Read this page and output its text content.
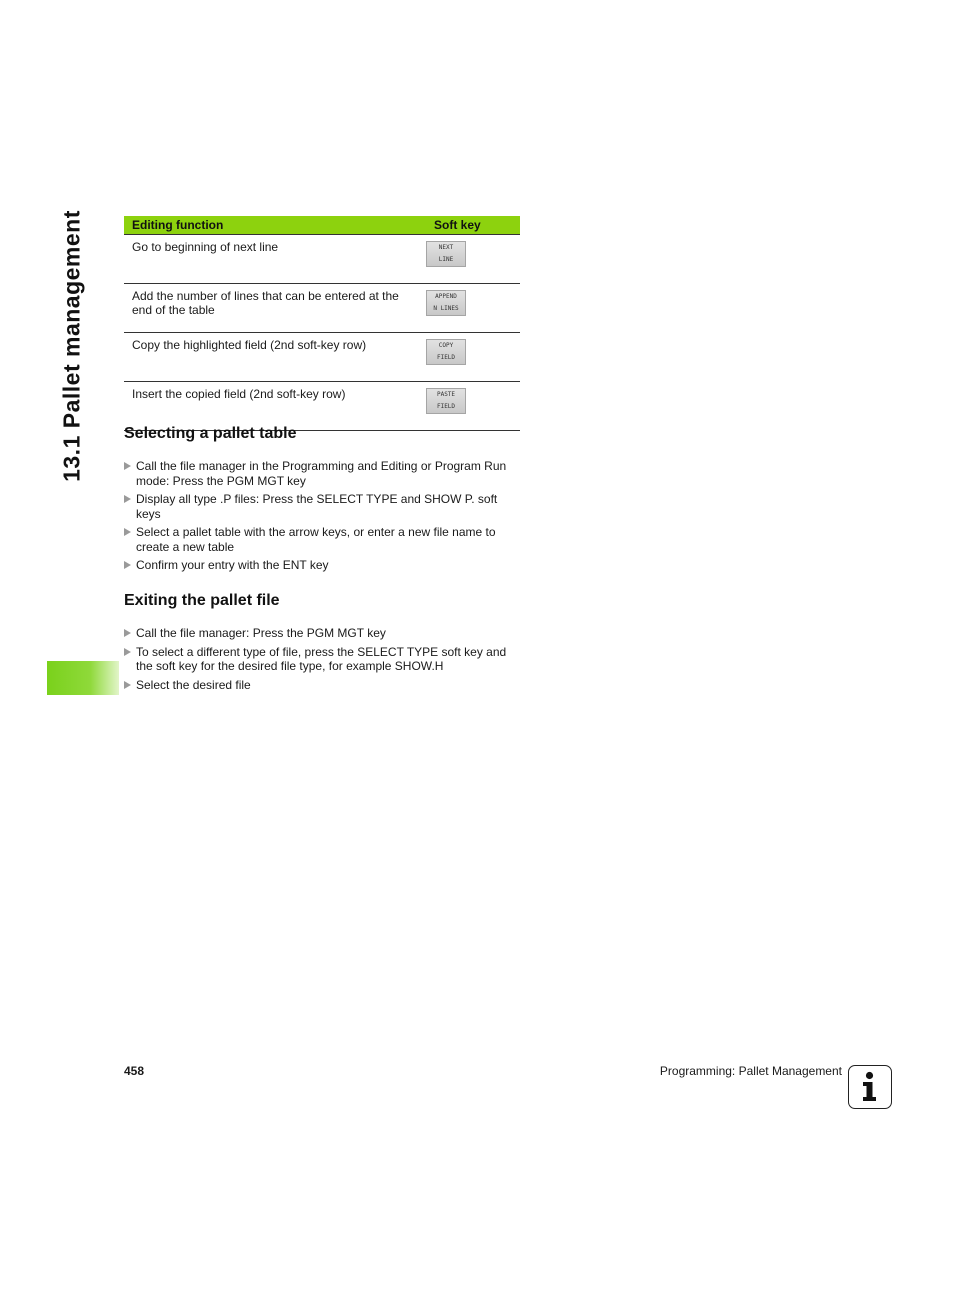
13.1 Pallet management	Editing function	Soft key
Go to beginning of next line	NEXT
LINE

Add the number of lines that can be entered at the end of the table	APPEND
N LINES

Copy the highlighted field (2nd soft-key row)	COPY
FIELD

Insert the copied field (2nd soft-key row)	PASTE
FIELD
Selecting a pallet table
Call the file manager in the Programming and Editing or Program Run mode: Press the PGM MGT key
Display all type .P files: Press the SELECT TYPE and SHOW P. soft keys
Select a pallet table with the arrow keys, or enter a new file name to create a new table
Confirm your entry with the ENT key
Exiting the pallet file
Call the file manager: Press the PGM MGT key
To select a different type of file, press the SELECT TYPE soft key and the soft key for the desired file type, for example SHOW.H
Select the desired file
458	Programming: Pallet Management
